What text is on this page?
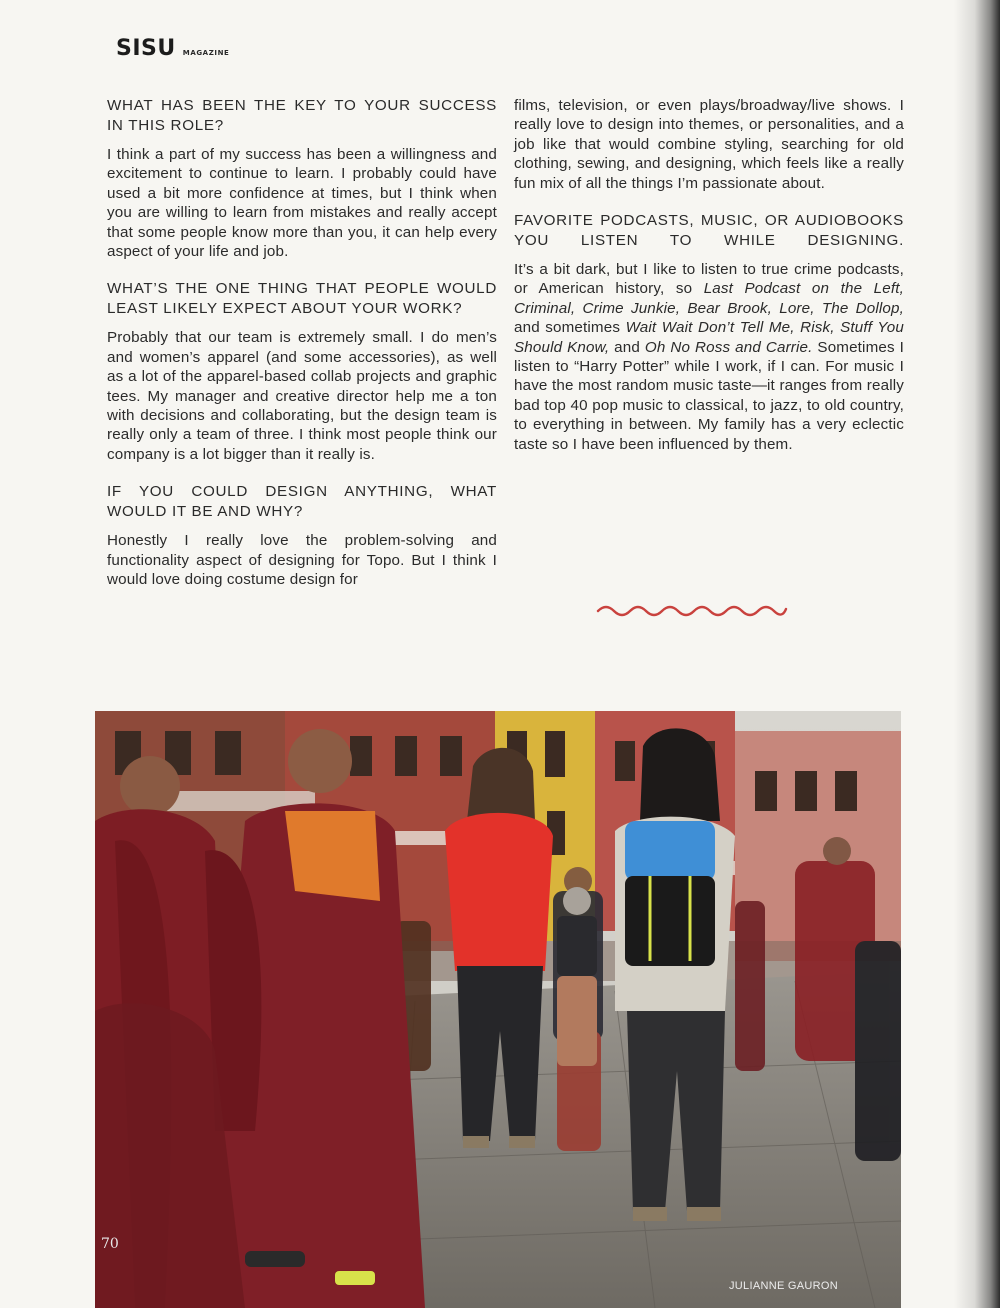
SISU MAGAZINE

WHAT HAS BEEN THE KEY TO YOUR SUCCESS IN THIS ROLE?

I think a part of my success has been a willingness and excitement to continue to learn. I probably could have used a bit more confidence at times, but I think when you are willing to learn from mistakes and really accept that some people know more than you, it can help every aspect of your life and job.

WHAT’S THE ONE THING THAT PEOPLE WOULD LEAST LIKELY EXPECT ABOUT YOUR WORK?

Probably that our team is extremely small. I do men’s and women’s apparel (and some accessories), as well as a lot of the apparel-based collab projects and graphic tees. My manager and creative director help me a ton with decisions and collaborating, but the design team is really only a team of three. I think most people think our company is a lot bigger than it really is.

IF YOU COULD DESIGN ANYTHING, WHAT WOULD IT BE AND WHY?

Honestly I really love the problem-solving and functionality aspect of designing for Topo. But I think I would love doing costume design for

films, television, or even plays/broadway/live shows. I really love to design into themes, or personalities, and a job like that would combine styling, searching for old clothing, sewing, and designing, which feels like a really fun mix of all the things I’m passionate about.

FAVORITE PODCASTS, MUSIC, OR AUDIOBOOKS YOU LISTEN TO WHILE DESIGNING.

It’s a bit dark, but I like to listen to true crime podcasts, or American history, so Last Podcast on the Left, Criminal, Crime Junkie, Bear Brook, Lore, The Dollop, and sometimes Wait Wait Don’t Tell Me, Risk, Stuff You Should Know, and Oh No Ross and Carrie. Sometimes I listen to “Harry Potter” while I work, if I can. For music I have the most random music taste—it ranges from really bad top 40 pop music to classical, to jazz, to old country, to everything in between. My family has a very eclectic taste so I have been influenced by them.

70
JULIANNE GAURON
